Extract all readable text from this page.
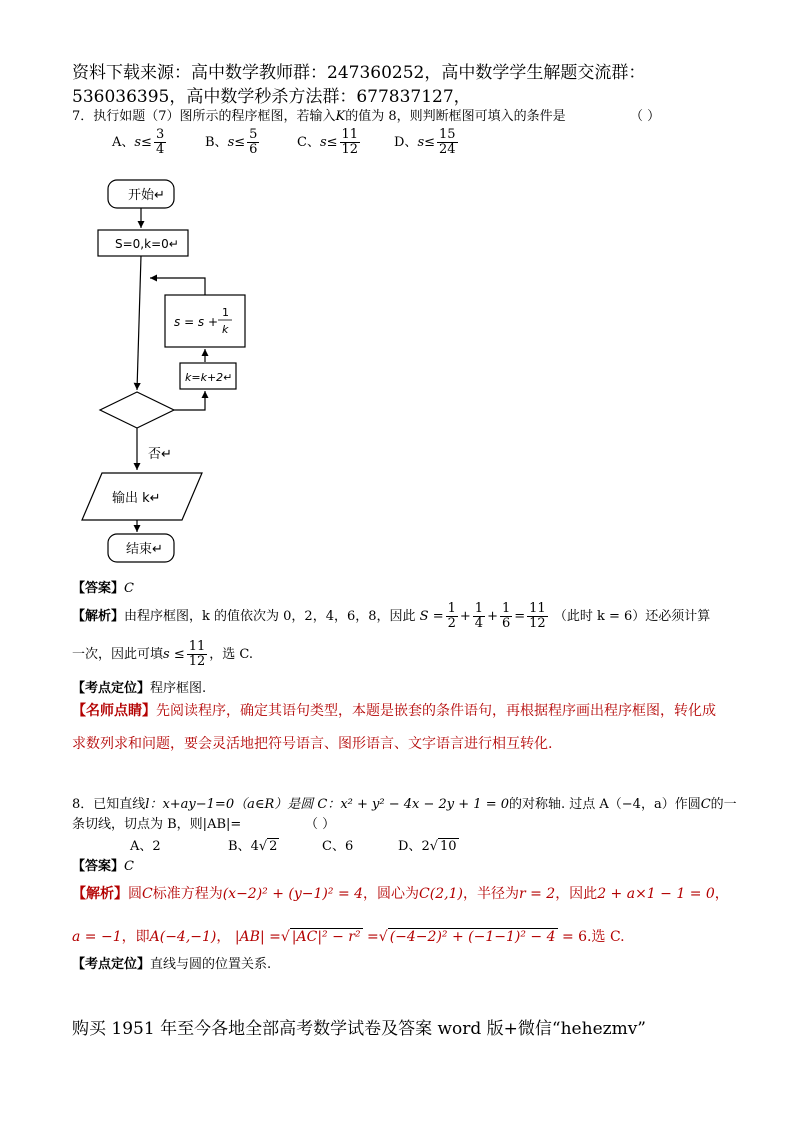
资料下载来源：高中数学教师群：247360252，高中数学学生解题交流群：
536036395，高中数学秒杀方法群：677837127，
7．执行如题（7）图所示的程序框图，若输入K的值为 8，则判断框图可填入的条件是	（ ）
A、$s\le \frac{3}{4}$	B、$s\le \frac{5}{6}$	C、$s\le \frac{11}{12}$	D、$s\le \frac{15}{24}$
开始↵
S=0,k=0↵
s = s +
1
k
k=k+2↵
否↵
输出 k↵
结束↵
【答案】C
【解析】由程序框图，k 的值依次为 0，2，4，6，8，因此 $S = \frac{1}{2} + \frac{1}{4} + \frac{1}{6} = \frac{11}{12}$ （此时 k = 6）还必须计算
一次，因此可填$s \le \frac{11}{12}$ ，选 C.
【考点定位】程序框图.
【名师点睛】先阅读程序，确定其语句类型，本题是嵌套的条件语句，再根据程序画出程序框图，转化成
求数列求和问题，要会灵活地把符号语言、图形语言、文字语言进行相互转化.
8．已知直线l：x+ay−1=0（a∈R）是圆 C：x² + y² − 4x − 2y + 1 = 0的对称轴. 过点 A（−4，a）作圆C的一
条切线，切点为 B，则|AB|=	（ ）
A、2	B、4√ 2	C、6	D、2√ 10
【答案】C
【解析】圆C标准方程为(x−2)² + (y−1)² = 4，圆心为C(2,1)，半径为r = 2，因此2 + a×1 − 1 = 0，
a = −1，即A(−4,−1)， |AB| =√ |AC|² − r² =√ (−4−2)² + (−1−1)² − 4 = 6.选 C.
【考点定位】直线与圆的位置关系.
购买 1951 年至今各地全部高考数学试卷及答案 word 版+微信“hehezmv”
